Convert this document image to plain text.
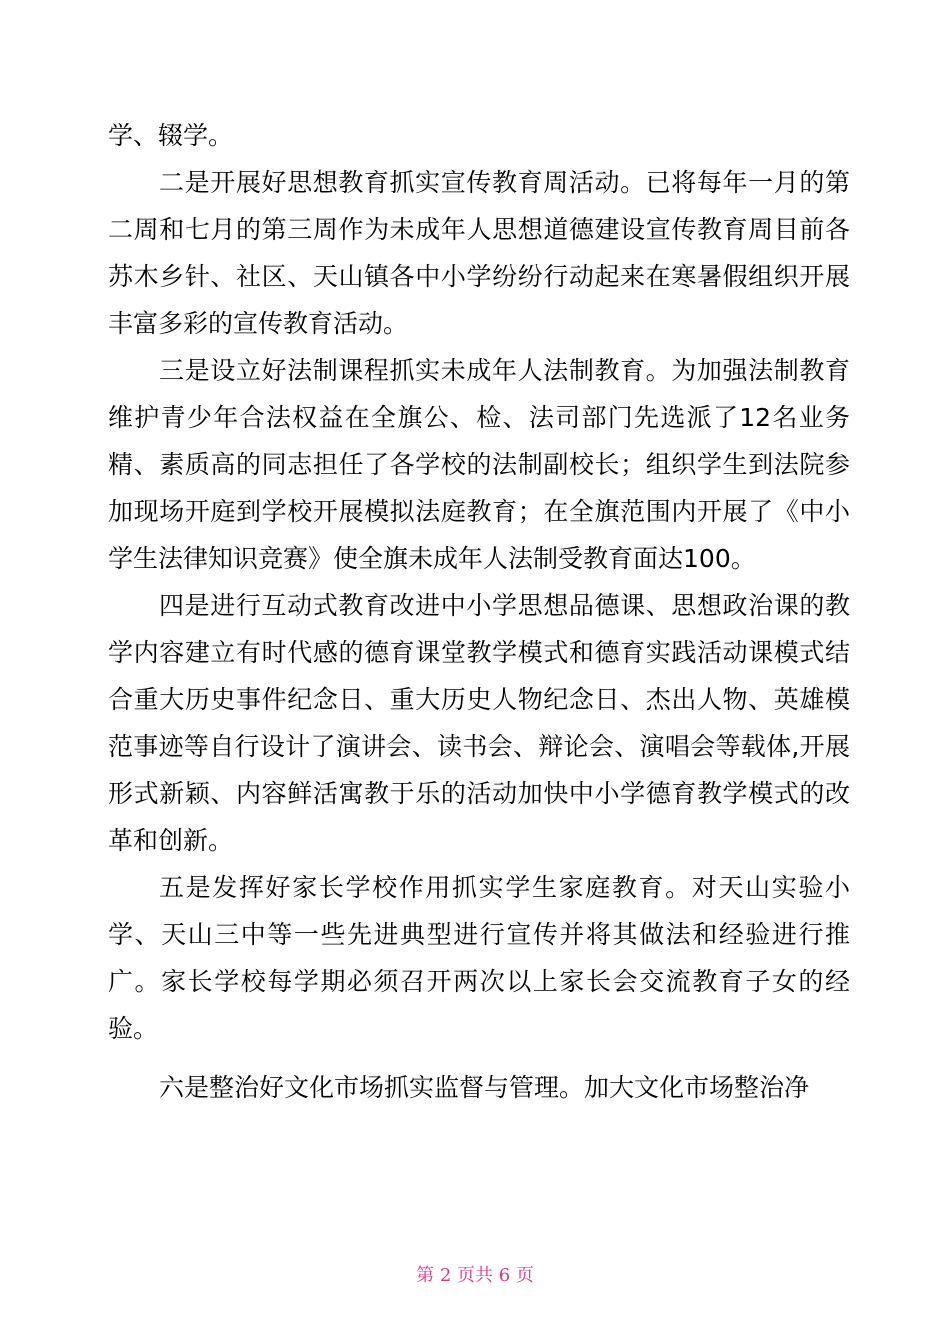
学、辍学。

二是开展好思想教育抓实宣传教育周活动。已将每年一月的第二周和七月的第三周作为未成年人思想道德建设宣传教育周目前各苏木乡针、社区、天山镇各中小学纷纷行动起来在寒暑假组织开展丰富多彩的宣传教育活动。

三是设立好法制课程抓实未成年人法制教育。为加强法制教育维护青少年合法权益在全旗公、检、法司部门先选派了12名业务精、素质高的同志担任了各学校的法制副校长；组织学生到法院参加现场开庭到学校开展模拟法庭教育；在全旗范围内开展了《中小学生法律知识竞赛》使全旗未成年人法制受教育面达100。

四是进行互动式教育改进中小学思想品德课、思想政治课的教学内容建立有时代感的德育课堂教学模式和德育实践活动课模式结合重大历史事件纪念日、重大历史人物纪念日、杰出人物、英雄模范事迹等自行设计了演讲会、读书会、辩论会、演唱会等载体,开展形式新颖、内容鲜活寓教于乐的活动加快中小学德育教学模式的改革和创新。

五是发挥好家长学校作用抓实学生家庭教育。对天山实验小学、天山三中等一些先进典型进行宣传并将其做法和经验进行推广。家长学校每学期必须召开两次以上家长会交流教育子女的经验。

六是整治好文化市场抓实监督与管理。加大文化市场整治净

第 2 页共 6 页
